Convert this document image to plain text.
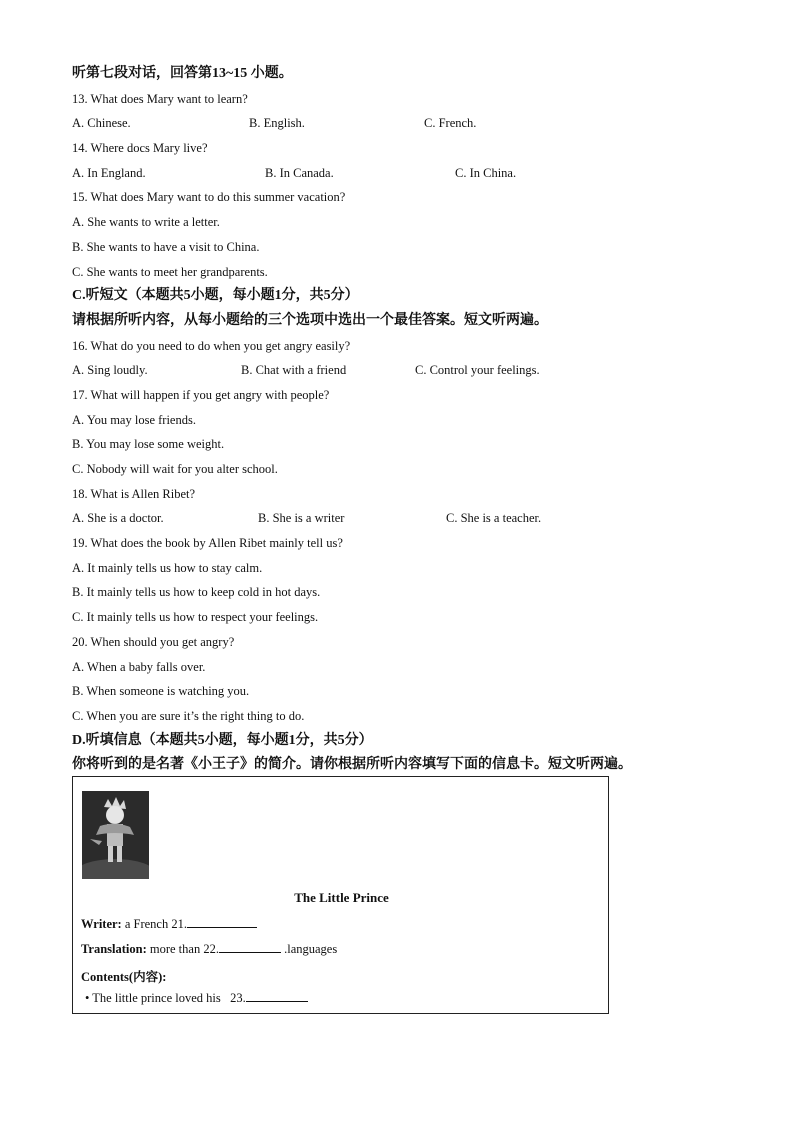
听第七段对话，回答第13~15 小题。
13. What does Mary want to learn?
A. Chinese.	B. English.	C. French.
14. Where docs Mary live?
A. In England.	B. In Canada.	C. In China.
15. What does Mary want to do this summer vacation?
A. She wants to write a letter.
B. She wants to have a visit to China.
C. She wants to meet her grandparents.
C.听短文（本题共5小题，每小题1分，共5分）
请根据所听内容，从每小题给的三个选项中选出一个最佳答案。短文听两遍。
16. What do you need to do when you get angry easily?
A. Sing loudly.	B. Chat with a friend	C. Control your feelings.
17. What will happen if you get angry with people?
A. You may lose friends.
B. You may lose some weight.
C. Nobody will wait for you alter school.
18. What is Allen Ribet?
A. She is a doctor.	B. She is a writer	C. She is a teacher.
19. What does the book by Allen Ribet mainly tell us?
A. It mainly tells us how to stay calm.
B. It mainly tells us how to keep cold in hot days.
C. It mainly tells us how to respect your feelings.
20. When should you get angry?
A. When a baby falls over.
B. When someone is watching you.
C. When you are sure it’s the right thing to do.
D.听填信息（本题共5小题，每小题1分，共5分）
你将听到的是名著《小王子》的简介。请你根据所听内容填写下面的信息卡。短文听两遍。
The Little Prince
Writer: a French 21.
Translation: more than 22.	.languages
Contents(内容):
• The little prince loved his 23.
